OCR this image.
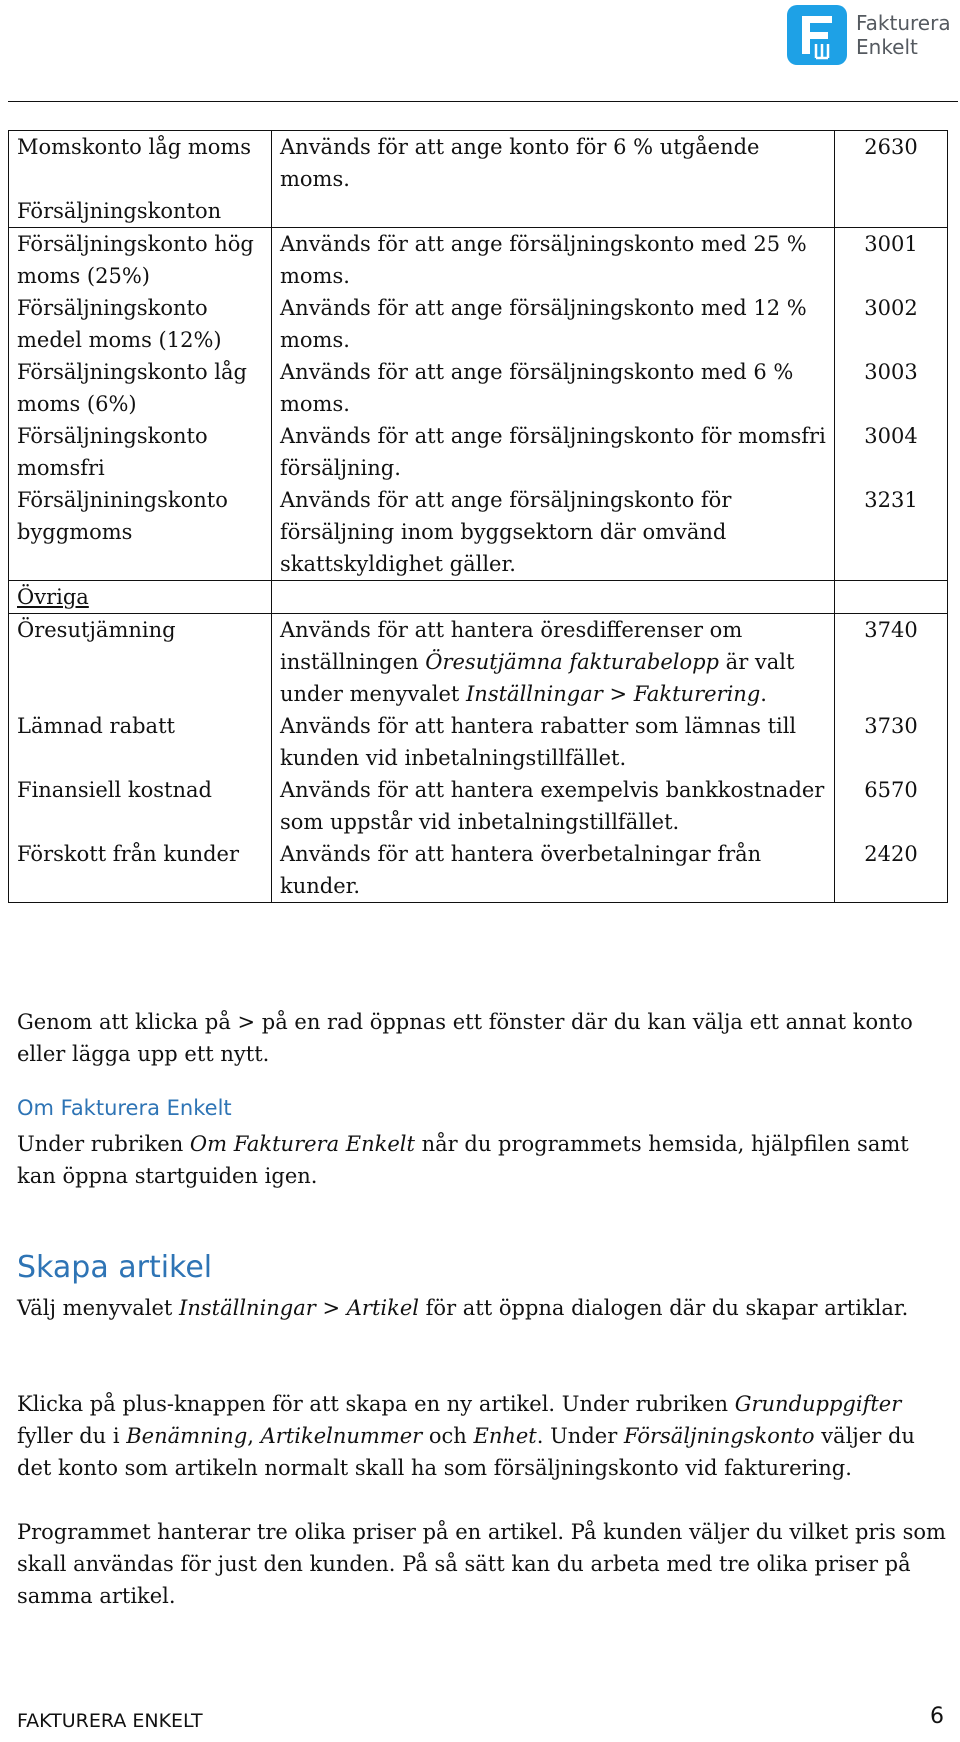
Fakturera
Enkelt
Momskonto låg moms	Används för att ange konto för 6 % utgående moms.	2630
Försäljningskonton		
Försäljningskonto hög moms (25%)	Används för att ange försäljningskonto med 25 % moms.	3001
Försäljningskonto medel moms (12%)	Används för att ange försäljningskonto med 12 % moms.	3002
Försäljningskonto låg moms (6%)	Används för att ange försäljningskonto med 6 % moms.	3003
Försäljningskonto momsfri	Används för att ange försäljningskonto för momsfri försäljning.	3004
Försäljniningskonto byggmoms	Används för att ange försäljningskonto för försäljning inom byggsektorn där omvänd skattskyldighet gäller.	3231
Övriga		
Öresutjämning	Används för att hantera öresdifferenser om inställningen Öresutjämna fakturabelopp är valt under menyvalet Inställningar > Fakturering.	3740
Lämnad rabatt	Används för att hantera rabatter som lämnas till kunden vid inbetalningstillfället.	3730
Finansiell kostnad	Används för att hantera exempelvis bankkostnader som uppstår vid inbetalningstillfället.	6570
Förskott från kunder	Används för att hantera överbetalningar från kunder.	2420
Genom att klicka på > på en rad öppnas ett fönster där du kan välja ett annat konto eller lägga upp ett nytt.
Om Fakturera Enkelt
Under rubriken Om Fakturera Enkelt når du programmets hemsida, hjälpfilen samt kan öppna startguiden igen.
Skapa artikel
Välj menyvalet Inställningar > Artikel för att öppna dialogen där du skapar artiklar.
Klicka på plus-knappen för att skapa en ny artikel. Under rubriken Grunduppgifter fyller du i Benämning, Artikelnummer och Enhet. Under Försäljningskonto väljer du det konto som artikeln normalt skall ha som försäljningskonto vid fakturering.
Programmet hanterar tre olika priser på en artikel. På kunden väljer du vilket pris som skall användas för just den kunden. På så sätt kan du arbeta med tre olika priser på samma artikel.
FAKTURERA ENKELT	6
